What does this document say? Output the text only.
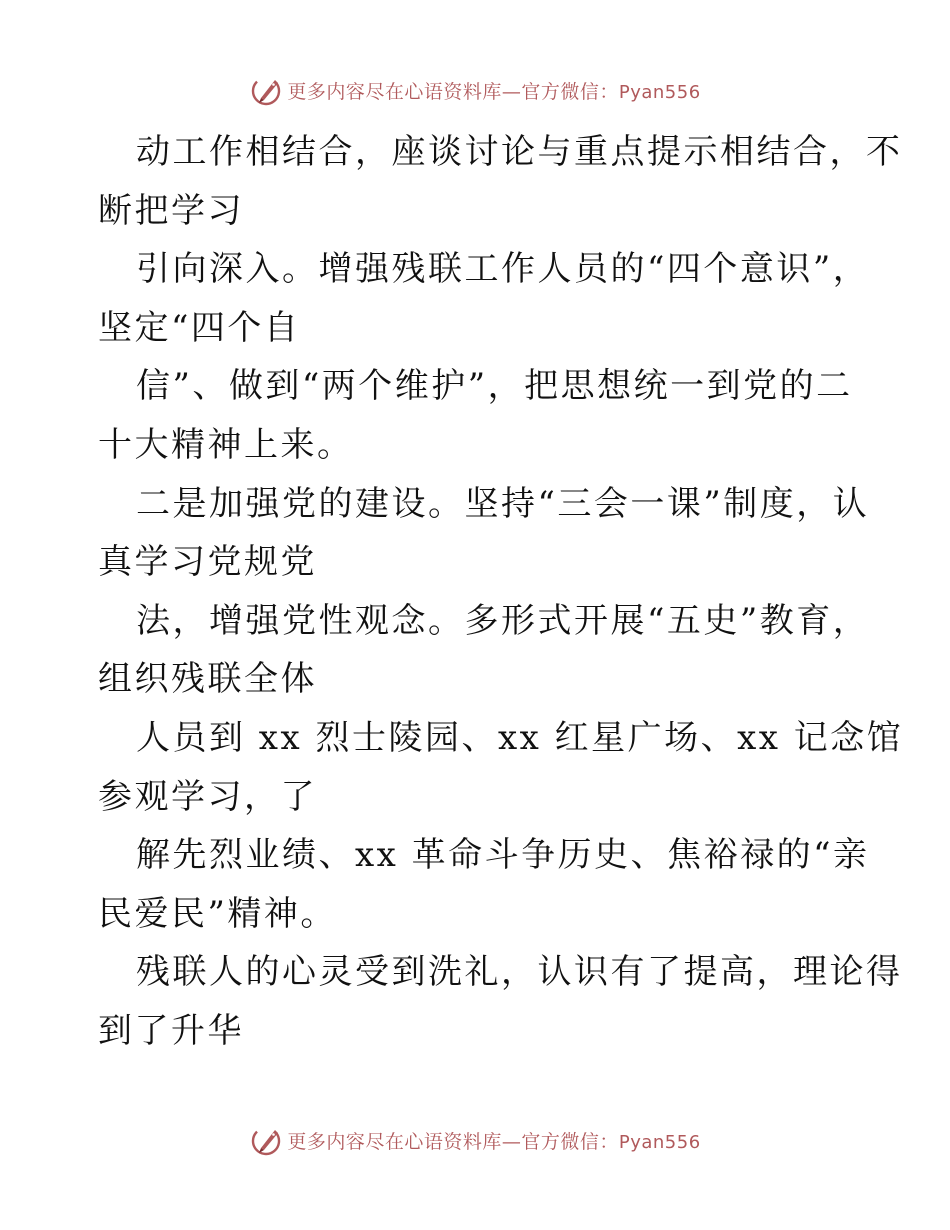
更多内容尽在心语资料库—官方微信：Pyan556
动工作相结合，座谈讨论与重点提示相结合，不
断把学习
引向深入。增强残联工作人员的“四个意识”，
坚定“四个自
信”、做到“两个维护”，把思想统一到党的二
十大精神上来。
二是加强党的建设。坚持“三会一课”制度，认
真学习党规党
法，增强党性观念。多形式开展“五史”教育，
组织残联全体
人员到 xx 烈士陵园、xx 红星广场、xx 记念馆
参观学习，了
解先烈业绩、xx 革命斗争历史、焦裕禄的“亲
民爱民”精神。
残联人的心灵受到洗礼，认识有了提高，理论得
到了升华
更多内容尽在心语资料库—官方微信：Pyan556
